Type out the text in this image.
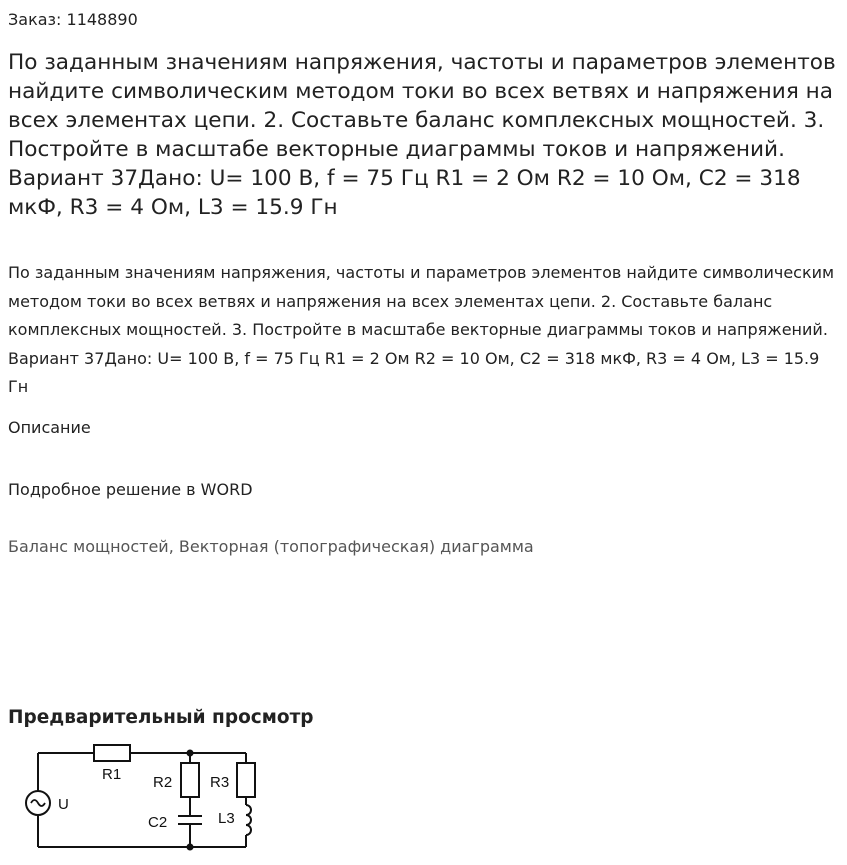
Заказ: 1148890

По заданным значениям напряжения, частоты и параметров элементов найдите символическим методом токи во всех ветвях и напряжения на всех элементах цепи. 2. Составьте баланс комплексных мощностей. 3. Постройте в масштабе векторные диаграммы токов и напряжений. Вариант 37Дано: U= 100 В, f = 75 Гц R1 = 2 Ом R2 = 10 Ом, С2 = 318 мкФ, R3 = 4 Ом, L3 = 15.9 Гн

По заданным значениям напряжения, частоты и параметров элементов найдите символическим методом токи во всех ветвях и напряжения на всех элементах цепи. 2. Составьте баланс комплексных мощностей. 3. Постройте в масштабе векторные диаграммы токов и напряжений. Вариант 37Дано: U= 100 В, f = 75 Гц R1 = 2 Ом R2 = 10 Ом, С2 = 318 мкФ, R3 = 4 Ом, L3 = 15.9 Гн

Описание

Подробное решение в WORD

Баланс мощностей, Векторная (топографическая) диаграмма

Предварительный просмотр
R1 R2	R3
C2	L3
U
